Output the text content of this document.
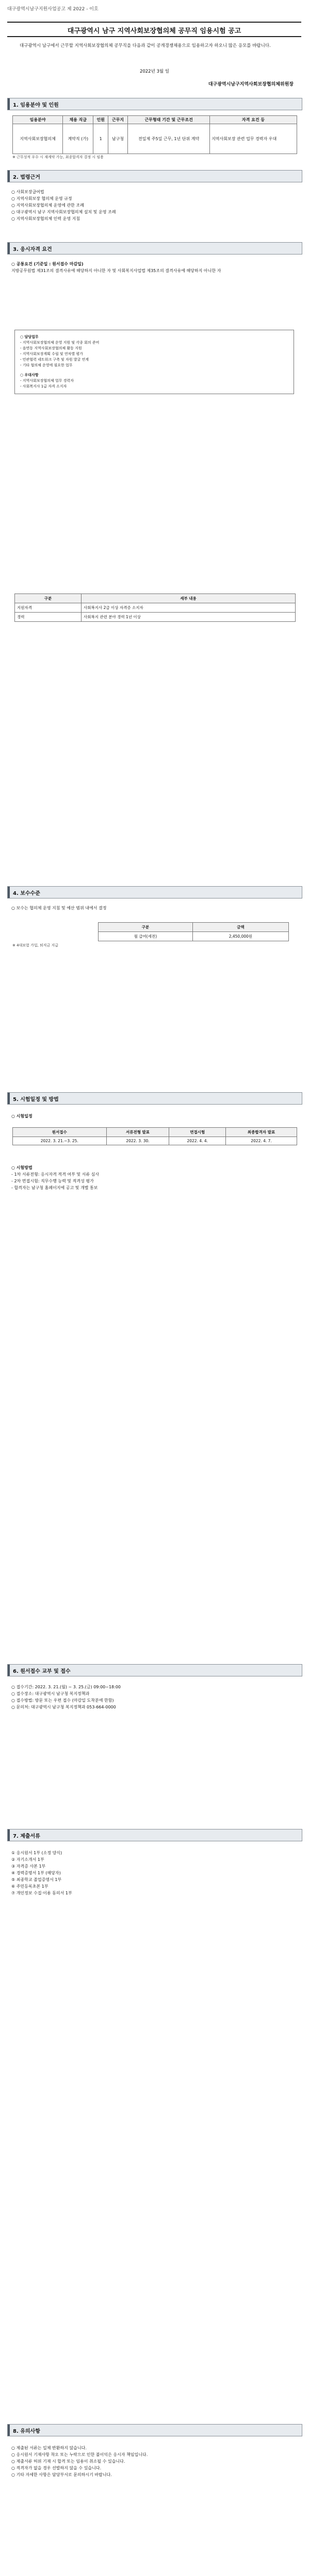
대구광역시남구지원사업공고 제 2022 - 이호
대구광역시 남구 지역사회보장협의체 공무직 임용시험 공고
대구광역시 남구에서 근무할 지역사회보장협의체 공무직을 다음과 같이 공개경쟁채용으로 임용하고자 하오니 많은 응모를 바랍니다.
2022년 3월 일
대구광역시남구지역사회보장협의체위원장
1. 임용분야 및 인원
임용분야	채용 직급	인원	근무지	근무형태 기간 및 근무조건	자격 요건 등
지역사회보장협의체	계약직 (가)	1	남구청	전일제 주5일 근무, 1년 단위 계약	지역사회보장 관련 업무 경력자 우대
※ 근무성적 우수 시 재계약 가능, 최종합격자 결정 시 임용
2. 법령근거
○ 사회보장급여법
○ 지역사회보장 협의체 운영 규정
○ 지역사회보장협의체 운영에 관한 조례
○ 대구광역시 남구 지역사회보장협의체 설치 및 운영 조례
○ 지역사회보장협의체 인력 운영 지침
3. 응시자격 요건
○ 공통요건 (기준일 : 원서접수 마감일)
지방공무원법 제31조의 결격사유에 해당하지 아니한 자 및 사회복지사업법 제35조의 결격사유에 해당하지 아니한 자
○ 담당업무
- 지역사회보장협의체 운영 지원 및 각종 회의 준비
- 읍면동 지역사회보장협의체 활동 지원
- 지역사회보장계획 수립 및 연차별 평가
- 민관협력 네트워크 구축 및 자원 발굴 연계
- 기타 협의체 운영에 필요한 업무
○ 우대사항
- 지역사회보장협의체 업무 경력자
- 사회복지사 1급 자격 소지자
구분	세부 내용
지원자격	사회복지사 2급 이상 자격증 소지자
경력	사회복지 관련 분야 경력 1년 이상
4. 보수수준
○ 보수는 협의체 운영 지침 및 예산 범위 내에서 결정
구분	금액
월 급여(세전)	2,450,000원
※ 4대보험 가입, 퇴직금 지급
5. 시험일정 및 방법
○ 시험일정
원서접수	서류전형 발표	면접시험	최종합격자 발표
2022. 3. 21.~3. 25.	2022. 3. 30.	2022. 4. 4.	2022. 4. 7.
○ 시험방법
- 1차 서류전형: 응시자격 적격 여부 및 서류 심사
- 2차 면접시험: 직무수행 능력 및 적격성 평가
- 합격자는 남구청 홈페이지에 공고 및 개별 통보
6. 원서접수 교부 및 접수
○ 접수기간: 2022. 3. 21.(월) ~ 3. 25.(금) 09:00~18:00
○ 접수장소: 대구광역시 남구청 복지정책과
○ 접수방법: 방문 또는 우편 접수 (마감일 도착분에 한함)
○ 문의처: 대구광역시 남구청 복지정책과 053-664-0000
7. 제출서류
① 응시원서 1부 (소정 양식)
② 자기소개서 1부
③ 자격증 사본 1부
④ 경력증명서 1부 (해당자)
⑤ 최종학교 졸업증명서 1부
⑥ 주민등록초본 1부
⑦ 개인정보 수집·이용 동의서 1부
8. 유의사항
○ 제출된 서류는 일체 반환하지 않습니다.
○ 응시원서 기재사항 착오 또는 누락으로 인한 불이익은 응시자 책임입니다.
○ 제출서류 허위 기재 시 합격 또는 임용이 취소될 수 있습니다.
○ 적격자가 없을 경우 선발하지 않을 수 있습니다.
○ 기타 자세한 사항은 담당부서로 문의하시기 바랍니다.
